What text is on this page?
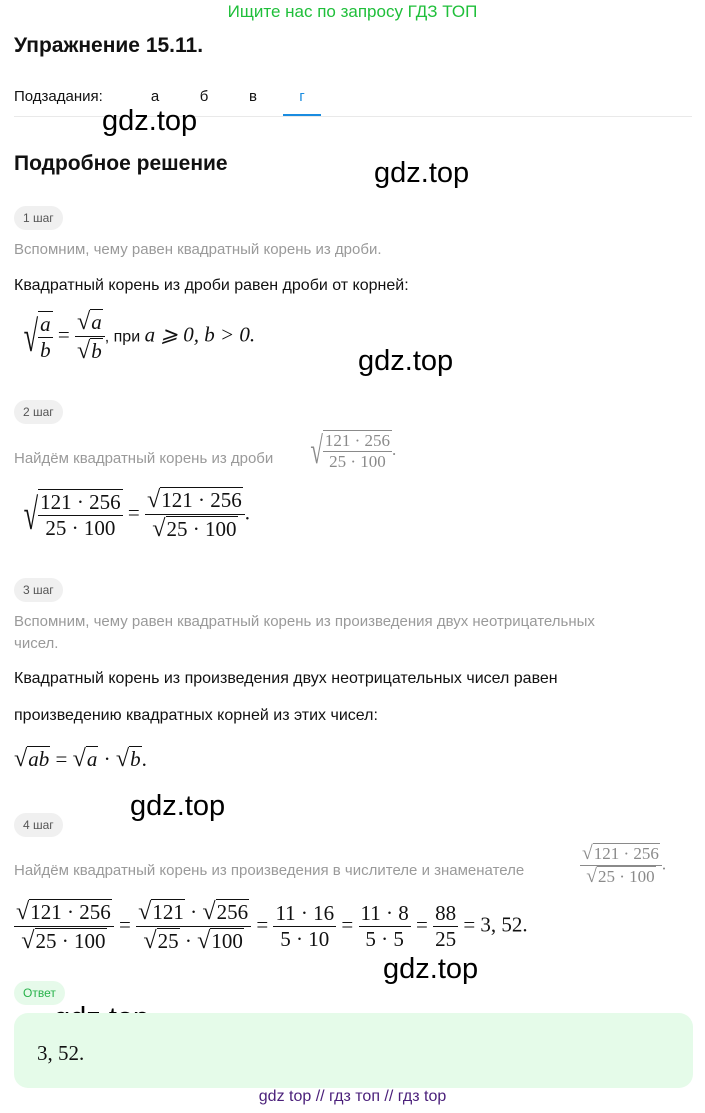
Ищите нас по запросу ГДЗ ТОП
Упражнение 15.11.
Подзадания:	а	б	в	г
gdz.top
gdz.top
gdz.top
gdz.top
gdz.top
Подробное решение
1 шаг
Вспомним, чему равен квадратный корень из дроби.
Квадратный корень из дроби равен дроби от корней:
√ $\frac{a}{b} = \frac{√a}{√b}$ , при a ⩾ 0, b > 0.
2 шаг
Найдём квадратный корень из дроби √ $\frac{121 \cdot 256}{25 \cdot 100}$ .
√ $\frac{121 \cdot 256}{25 \cdot 100} = \frac{√121 \cdot 256}{√25 \cdot 100}$ .
3 шаг
Вспомним, чему равен квадратный корень из произведения двух неотрицательных
чисел.
Квадратный корень из произведения двух неотрицательных чисел равен
произведению квадратных корней из этих чисел:
√ab = √a · √b.
4 шаг
Найдём квадратный корень из произведения в числителе и знаменателе	$\frac{√121 \cdot 256}{√25 \cdot 100}$ .
$\frac{√121 \cdot 256}{√25 \cdot 100} = \frac{√121 \cdot √256}{√25 \cdot √100} = \frac{11 \cdot 16}{5 \cdot 10} = \frac{11 \cdot 8}{5 \cdot 5} = \frac{88}{25} = 3$, 52.
Ответ
3, 52.
gdz top // гдз топ // гдз top
